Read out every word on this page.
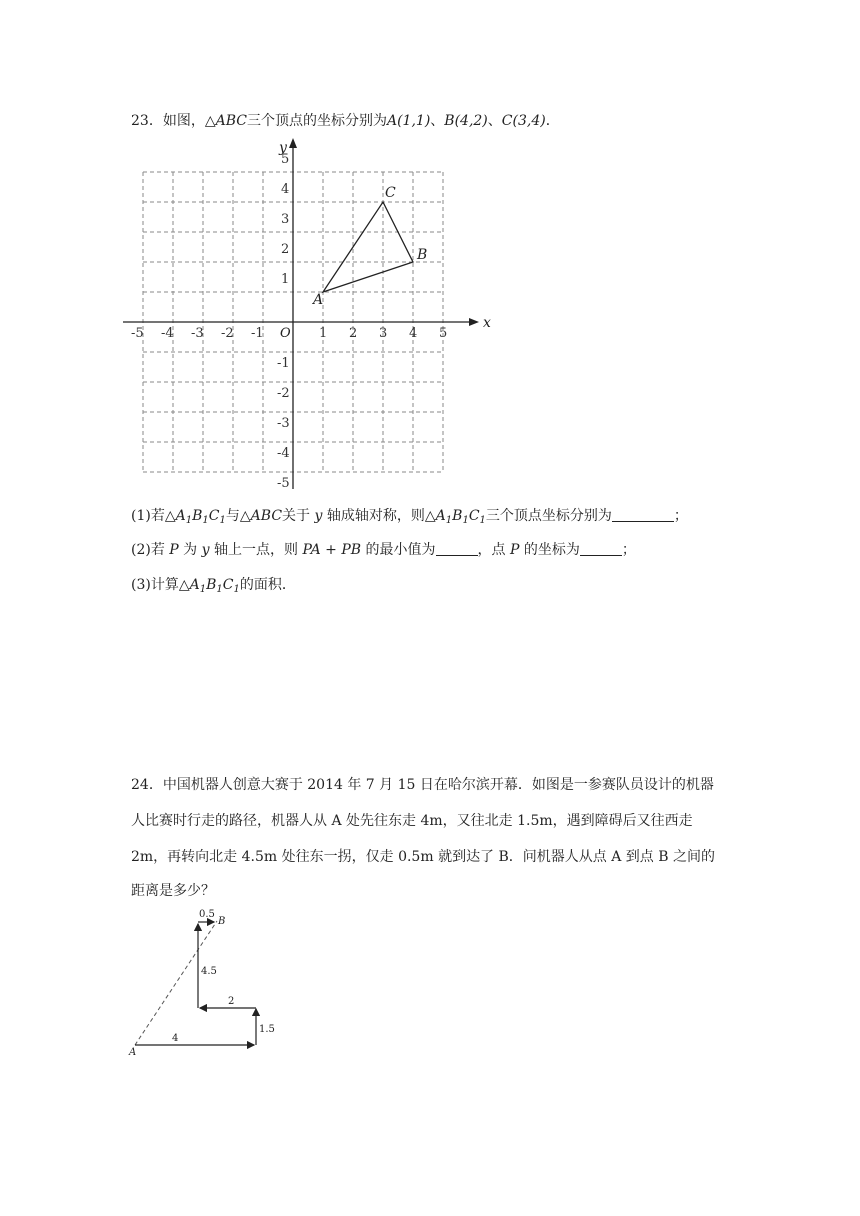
23．如图，△ABC三个顶点的坐标分别为A(1,1)、B(4,2)、C(3,4)．
x
y
O
-5 -4 -3 -2 -1	1 2 3 4 5
5
4
3
2
1
-1
-2
-3
-4
-5
A
B
C
(1)若$\triangle A_1B_1C_1$与△ABC关于 y 轴成轴对称，则$\triangle A_1B_1C_1$三个顶点坐标分别为	；
(2)若 P 为 y 轴上一点，则 PA + PB 的最小值为	，点 P 的坐标为	；
(3)计算$\triangle A_1B_1C_1$的面积．
24．中国机器人创意大赛于 2014 年 7 月 15 日在哈尔滨开幕．如图是一参赛队员设计的机器
人比赛时行走的路径，机器人从 A 处先往东走 4m，又往北走 1.5m，遇到障碍后又往西走
2m，再转向北走 4.5m 处往东一拐，仅走 0.5m 就到达了 B．问机器人从点 A 到点 B 之间的
距离是多少？
A
B
4
1.5
2
4.5
0.5
